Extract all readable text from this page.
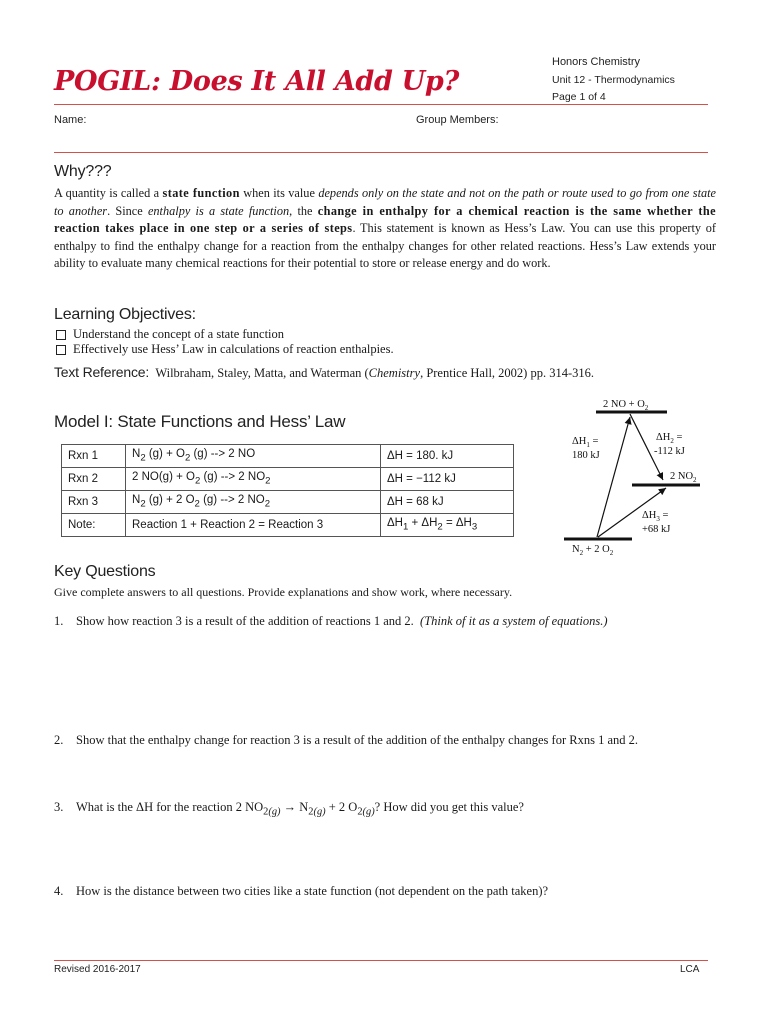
POGIL: Does It All Add Up?
Honors Chemistry
Unit 12 - Thermodynamics
Page 1 of 4
Name:	Group Members:
Why???
A quantity is called a state function when its value depends only on the state and not on the path or route used to go from one state to another. Since enthalpy is a state function, the change in enthalpy for a chemical reaction is the same whether the reaction takes place in one step or a series of steps. This statement is known as Hess’s Law. You can use this property of enthalpy to find the enthalpy change for a reaction from the enthalpy changes for other related reactions. Hess’s Law extends your ability to evaluate many chemical reactions for their potential to store or release energy and do work.
Learning Objectives:
Understand the concept of a state function
Effectively use Hess’ Law in calculations of reaction enthalpies.
Text Reference: Wilbraham, Staley, Matta, and Waterman (Chemistry, Prentice Hall, 2002) pp. 314-316.
Model I: State Functions and Hess’ Law
Rxn 1	$N_2$ $(g) + O_2$ (g) --> 2 NO	ΔH = 180. kJ
Rxn 2	2 $NO(g) + O_2$ (g) --> 2 $NO_2$	ΔH = −112 kJ
Rxn 3	$N_2$ (g) + 2 $O_2$ (g) --> 2 $NO_2$	ΔH = 68 kJ
Note:	Reaction 1 + Reaction 2 = Reaction 3	$\Delta H_1 + \Delta H_2 = \Delta H_3$
2 NO + $O_2$
2 $NO_2$
$N_2 + 2$ $O_2$
$\Delta H_1$ =
180 kJ
$\Delta H_2$ =
-112 kJ
$\Delta H_3$ =
+68 kJ
Key Questions
Give complete answers to all questions. Provide explanations and show work, where necessary.
1. Show how reaction 3 is a result of the addition of reactions 1 and 2. (Think of it as a system of equations.)
2. Show that the enthalpy change for reaction 3 is a result of the addition of the enthalpy changes for Rxns 1 and 2.
3. What is the ΔH for the reaction 2 $NO_{2(g)} \to N_{2(g)} + 2$ $O_{2(g)}$? How did you get this value?
4. How is the distance between two cities like a state function (not dependent on the path taken)?
Revised 2016-2017	LCA
